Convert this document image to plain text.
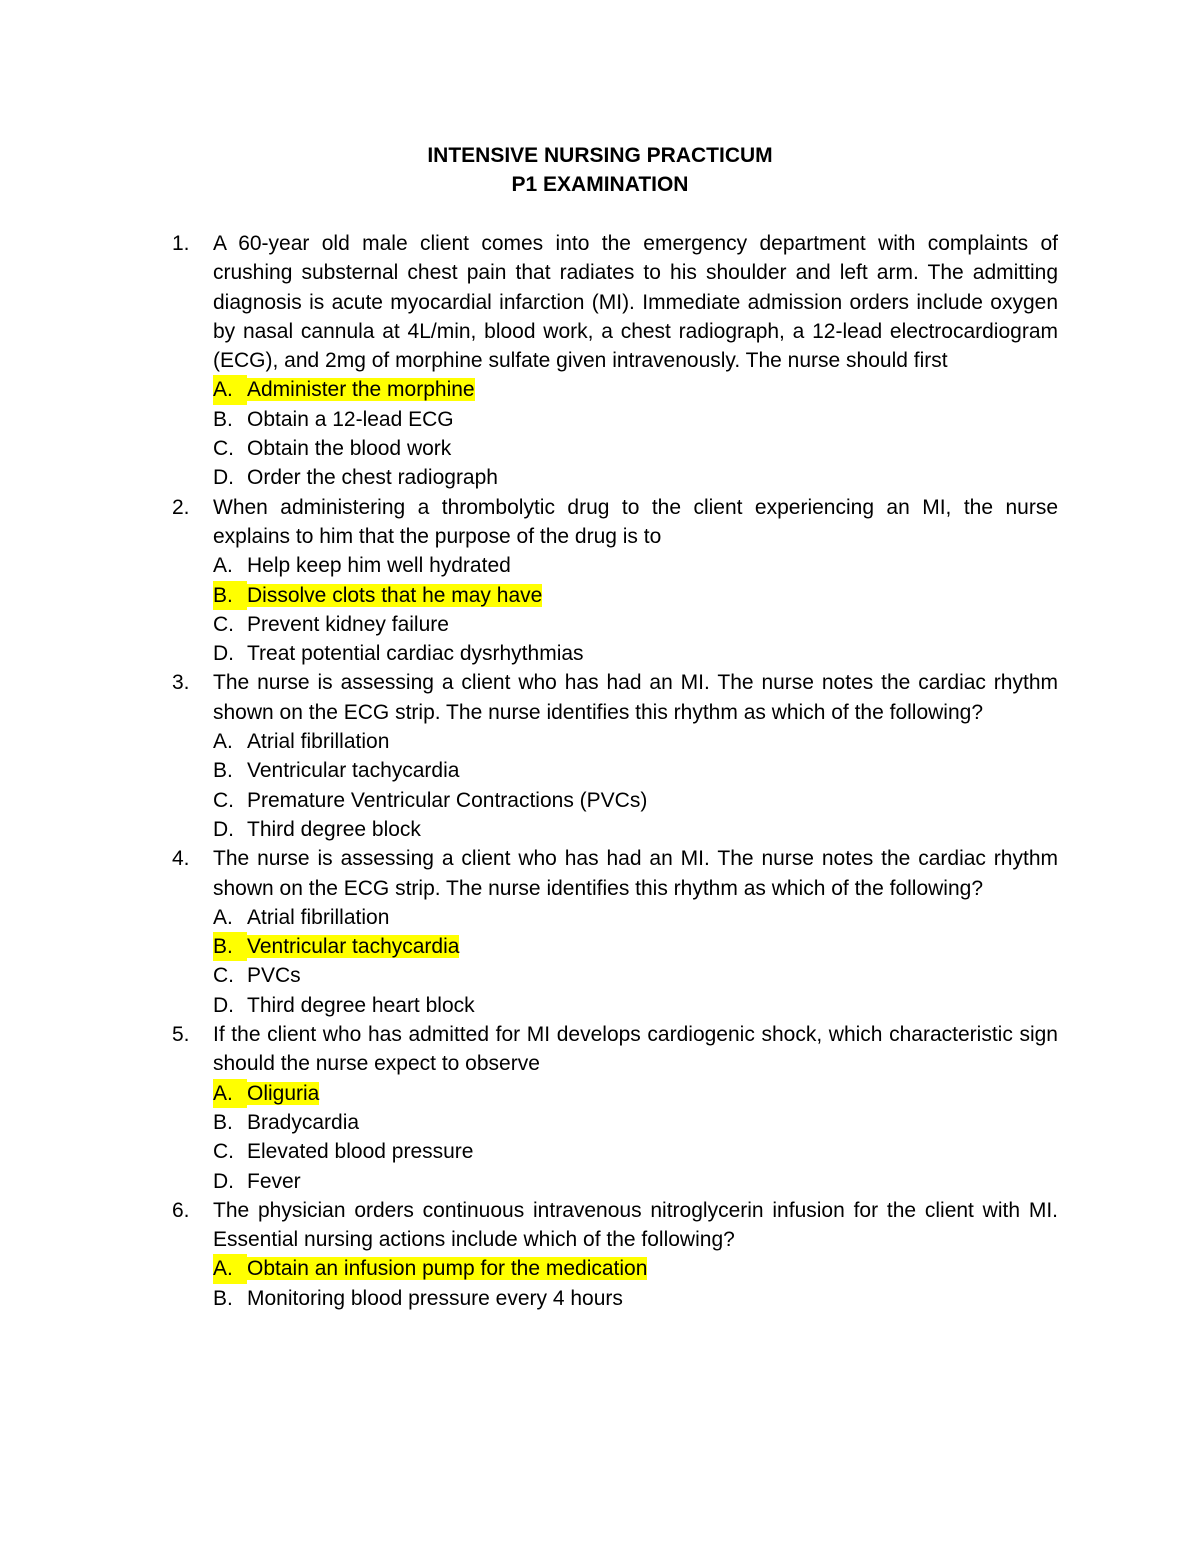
INTENSIVE NURSING PRACTICUM
P1 EXAMINATION
1. A 60-year old male client comes into the emergency department with complaints of crushing substernal chest pain that radiates to his shoulder and left arm. The admitting diagnosis is acute myocardial infarction (MI). Immediate admission orders include oxygen by nasal cannula at 4L/min, blood work, a chest radiograph, a 12-lead electrocardiogram (ECG), and 2mg of morphine sulfate given intravenously. The nurse should first
A. Administer the morphine
B. Obtain a 12-lead ECG
C. Obtain the blood work
D. Order the chest radiograph
2. When administering a thrombolytic drug to the client experiencing an MI, the nurse explains to him that the purpose of the drug is to
A. Help keep him well hydrated
B. Dissolve clots that he may have
C. Prevent kidney failure
D. Treat potential cardiac dysrhythmias
3. The nurse is assessing a client who has had an MI. The nurse notes the cardiac rhythm shown on the ECG strip. The nurse identifies this rhythm as which of the following?
A. Atrial fibrillation
B. Ventricular tachycardia
C. Premature Ventricular Contractions (PVCs)
D. Third degree block
4. The nurse is assessing a client who has had an MI. The nurse notes the cardiac rhythm shown on the ECG strip. The nurse identifies this rhythm as which of the following?
A. Atrial fibrillation
B. Ventricular tachycardia
C. PVCs
D. Third degree heart block
5. If the client who has admitted for MI develops cardiogenic shock, which characteristic sign should the nurse expect to observe
A. Oliguria
B. Bradycardia
C. Elevated blood pressure
D. Fever
6. The physician orders continuous intravenous nitroglycerin infusion for the client with MI. Essential nursing actions include which of the following?
A. Obtain an infusion pump for the medication
B. Monitoring blood pressure every 4 hours
